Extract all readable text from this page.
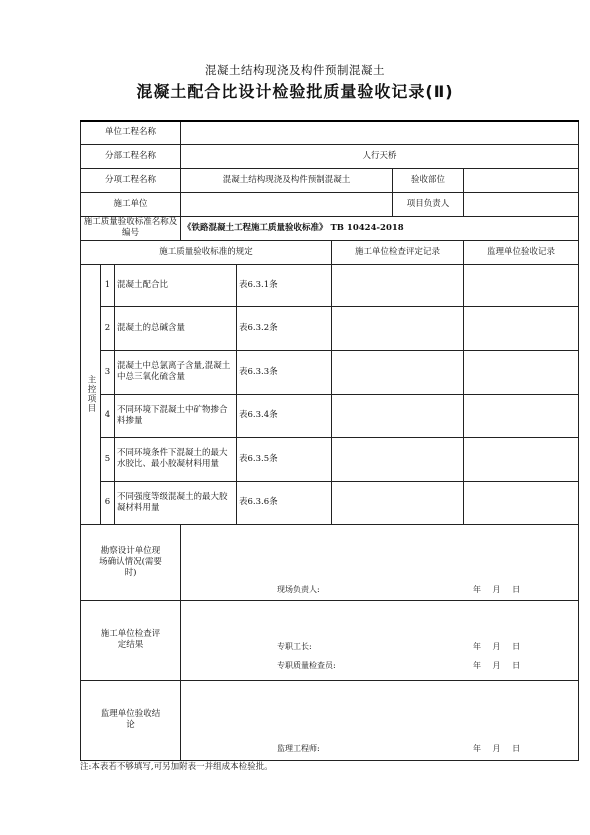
混凝土结构现浇及构件预制混凝土
混凝土配合比设计检验批质量验收记录(Ⅱ)
单位工程名称							
分部工程名称			人行天桥				
分项工程名称			混凝土结构现浇及构件预制混凝土			验收部位	
施工单位						项目负责人	
施工质量验收标准名称及编号			《铁路混凝土工程施工质量验收标准》 TB 10424-2018				
施工质量验收标准的规定					施工单位检查评定记录		监理单位验收记录

主控项目	1	混凝土配合比		表6.3.1条			
	2	混凝土的总碱含量		表6.3.2条			
	3	混凝土中总氯离子含量,混凝土中总三氧化硫含量		表6.3.3条			
	4	不同环境下混凝土中矿物掺合料掺量		表6.3.4条			
	5	不同环境条件下混凝土的最大水胶比、最小胶凝材料用量		表6.3.5条			
	6	不同强度等级混凝土的最大胶凝材料用量		表6.3.6条			

勘察设计单位现场确认情况(需要时)			现场负责人: 年 月 日				

施工单位检查评定结果			专职工长: 年 月 日
专职质量检查员: 年 月 日				

监理单位验收结论			监理工程师: 年 月 日				
注:本表若不够填写,可另加附表一并组成本检验批。
